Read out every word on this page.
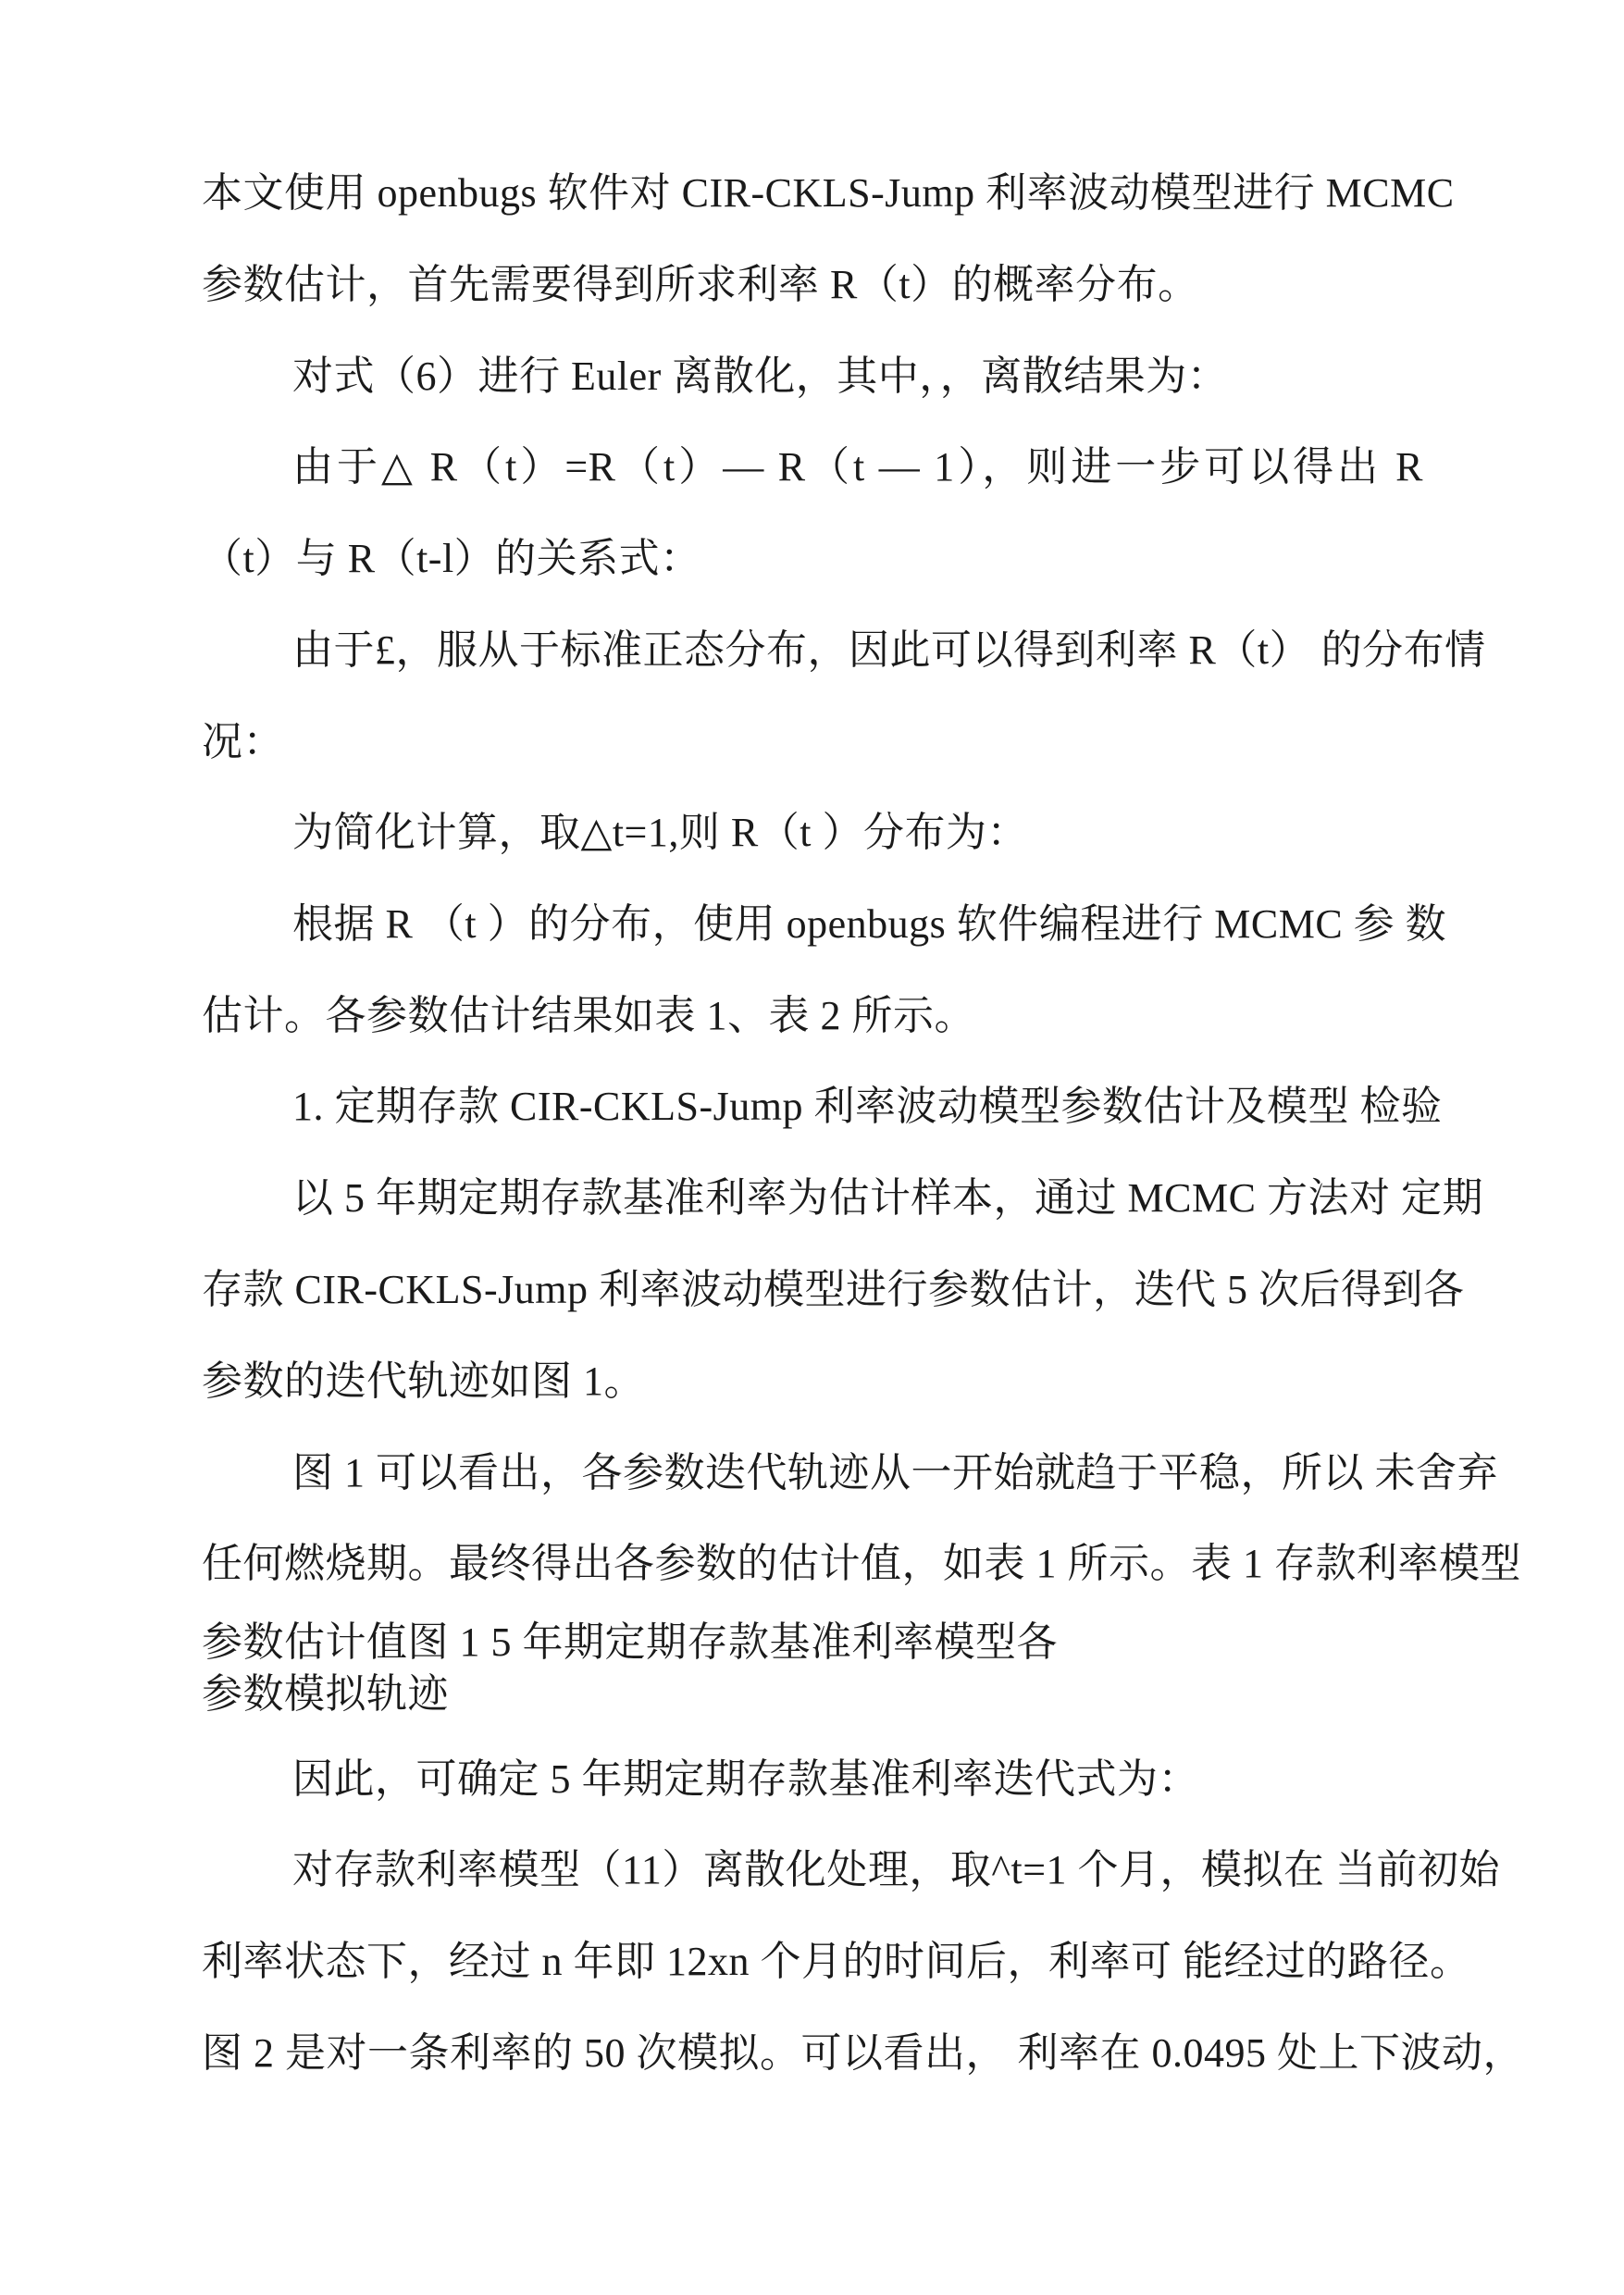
本文使用 openbugs 软件对 CIR-CKLS-Jump 利率波动模型进行 MCMC
参数估计，首先需要得到所求利率 R（t）的概率分布。
对式（6）进行 Euler 离散化，其中，，离散结果为：
由于△ R（t）=R（t）— R（t — 1），则进一步可以得出 R
（t）与 R（t-l）的关系式：
由于£，服从于标准正态分布，因此可以得到利率 R（t） 的分布情
况：
为简化计算，取△t=1,则 R（t ）分布为：
根据 R （t ）的分布，使用 openbugs 软件编程进行 MCMC 参 数
估计。各参数估计结果如表 1、表 2 所示。
1. 定期存款 CIR-CKLS-Jump 利率波动模型参数估计及模型 检验
以 5 年期定期存款基准利率为估计样本，通过 MCMC 方法对 定期
存款 CIR-CKLS-Jump 利率波动模型进行参数估计，迭代 5 次后得到各
参数的迭代轨迹如图 1。
图 1 可以看出，各参数迭代轨迹从一开始就趋于平稳，所以 未舍弃
任何燃烧期。最终得出各参数的估计值，如表 1 所示。表 1 存款利率模型
参数估计值图 1 5 年期定期存款基准利率模型各
参数模拟轨迹
因此，可确定 5 年期定期存款基准利率迭代式为：
对存款利率模型（11）离散化处理，取^t=1 个月，模拟在 当前初始
利率状态下，经过 n 年即 12xn 个月的时间后，利率可 能经过的路径。
图 2 是对一条利率的 50 次模拟。可以看出， 利率在 0.0495 处上下波动，
